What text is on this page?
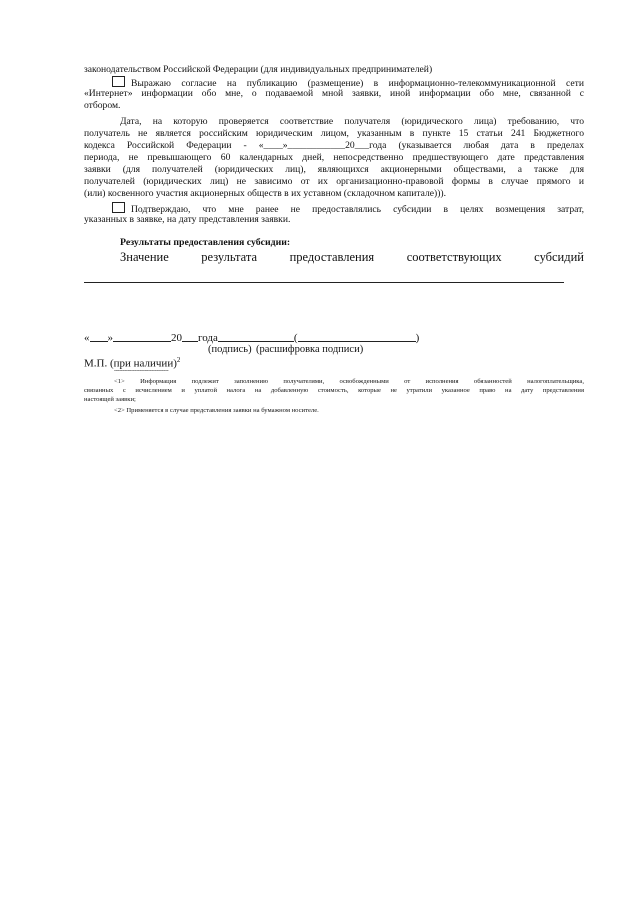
законодательством Российской Федерации (для индивидуальных предпринимателей)
Выражаю согласие на публикацию (размещение) в информационно-телекоммуникационной сети
«Интернет» информации обо мне, о подаваемой мной заявки, иной информации обо мне, связанной с
отбором.
Дата, на которую проверяется соответствие получателя (юридического лица) требованию, что
получатель не является российским юридическим лицом, указанным в пункте 15 статьи 241 Бюджетного
кодекса Российской Федерации - «____»____________20___года (указывается любая дата в пределах
периода, не превышающего 60 календарных дней, непосредственно предшествующего дате представления
заявки (для получателей (юридических лиц), являющихся акционерными обществами, а также для
получателей (юридических лиц) не зависимо от их организационно-правовой формы в случае прямого и
(или) косвенного участия акционерных обществ в их уставном (складочном капитале))).
Подтверждаю, что мне ранее не предоставлялись субсидии в целях возмещения затрат,
указанных в заявке, на дату представления заявки.
Результаты предоставления субсидии:
Значение результата предоставления соответствующих субсидий
« »	20 года	(	)
(подпись) (расшифровка подписи)
М.П. (при наличии)$^2$
--------------------------------
<1> Информация подлежит заполнению получателями, освобожденными от исполнения обязанностей налогоплательщика,
связанных с исчислением и уплатой налога на добавленную стоимость, которые не утратили указанное право на дату представления
настоящей заявки;
<2> Применяется в случае представления заявки на бумажном носителе.
